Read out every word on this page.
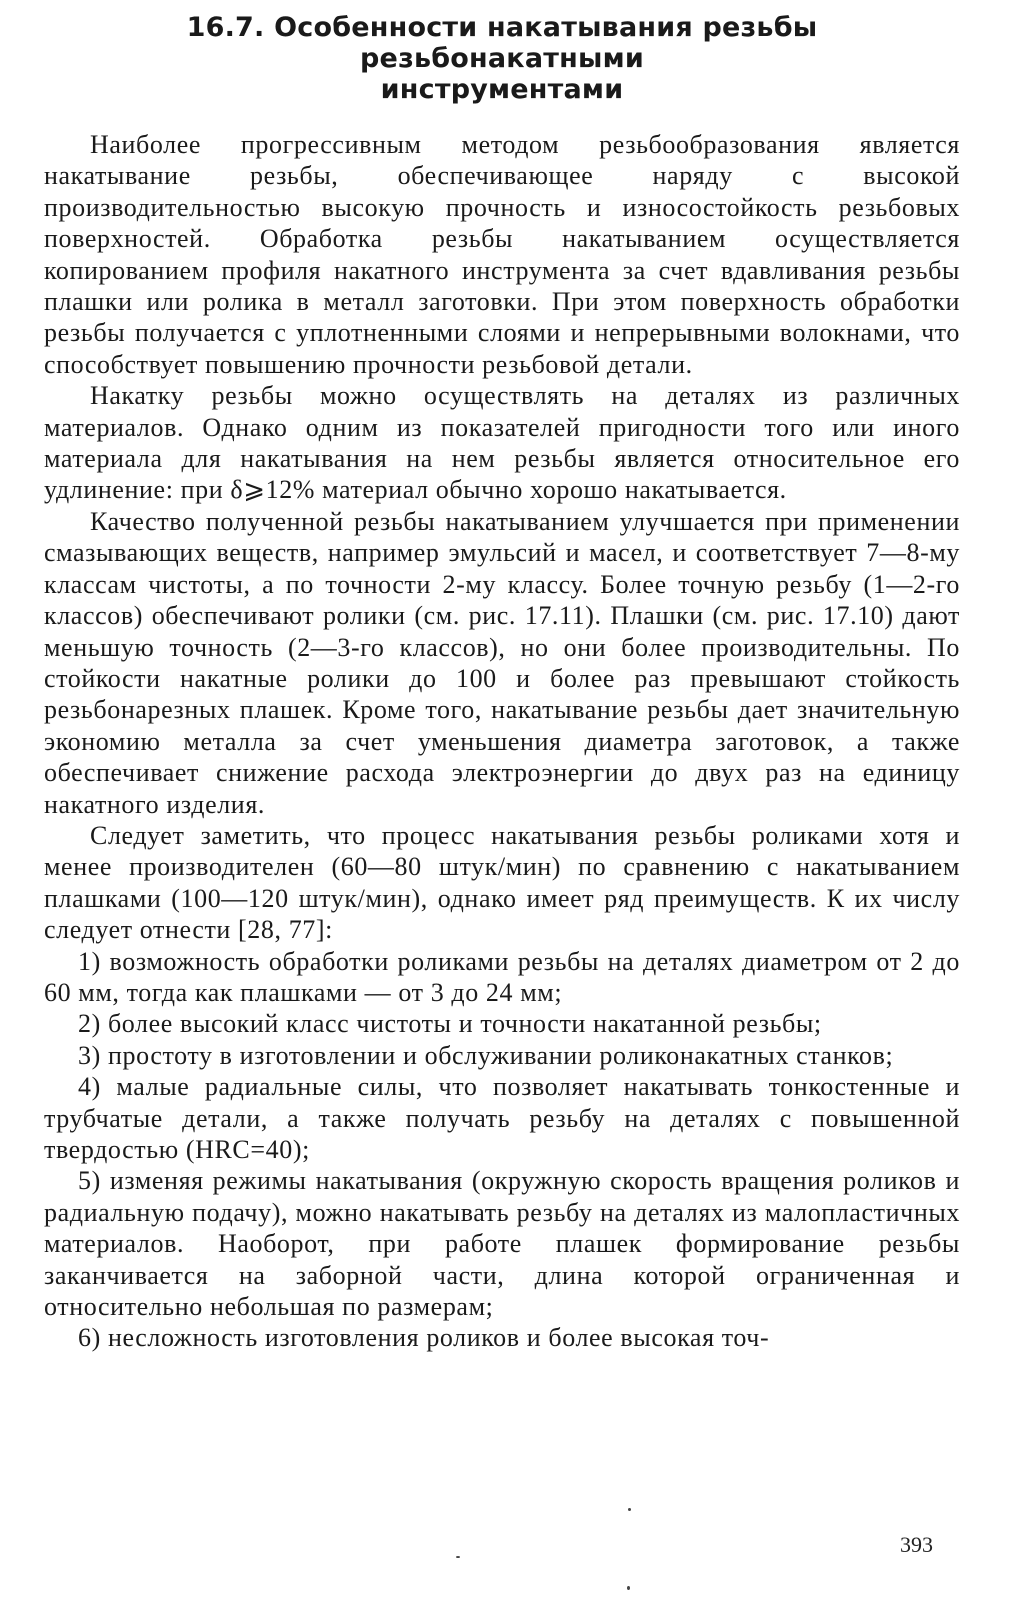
16.7. Особенности накатывания резьбы резьбонакатными
инструментами

Наиболее прогрессивным методом резьбообразования является накатывание резьбы, обеспечивающее наряду с высокой производительностью высокую прочность и износостойкость резьбовых поверхностей. Обработка резьбы накатыванием осуществляется копированием профиля накатного инструмента за счет вдавливания резьбы плашки или ролика в металл заготовки. При этом поверхность обработки резьбы получается с уплотненными слоями и непрерывными волокнами, что способствует повышению прочности резьбовой детали.

Накатку резьбы можно осуществлять на деталях из различных материалов. Однако одним из показателей пригодности того или иного материала для накатывания на нем резьбы является относительное его удлинение: при δ⩾12% материал обычно хорошо накатывается.

Качество полученной резьбы накатыванием улучшается при применении смазывающих веществ, например эмульсий и масел, и соответствует 7—8-му классам чистоты, а по точности 2-му классу. Более точную резьбу (1—2-го классов) обеспечивают ролики (см. рис. 17.11). Плашки (см. рис. 17.10) дают меньшую точность (2—3-го классов), но они более производительны. По стойкости накатные ролики до 100 и более раз превышают стойкость резьбонарезных плашек. Кроме того, накатывание резьбы дает значительную экономию металла за счет уменьшения диаметра заготовок, а также обеспечивает снижение расхода электроэнергии до двух раз на единицу накатного изделия.

Следует заметить, что процесс накатывания резьбы роликами хотя и менее производителен (60—80 штук/мин) по сравнению с накатыванием плашками (100—120 штук/мин), однако имеет ряд преимуществ. К их числу следует отнести [28, 77]:

1) возможность обработки роликами резьбы на деталях диаметром от 2 до 60 мм, тогда как плашками — от 3 до 24 мм;
2) более высокий класс чистоты и точности накатанной резьбы;
3) простоту в изготовлении и обслуживании роликонакатных станков;
4) малые радиальные силы, что позволяет накатывать тонкостенные и трубчатые детали, а также получать резьбу на деталях с повышенной твердостью (HRC=40);
5) изменяя режимы накатывания (окружную скорость вращения роликов и радиальную подачу), можно накатывать резьбу на деталях из малопластичных материалов. Наоборот, при работе плашек формирование резьбы заканчивается на заборной части, длина которой ограниченная и относительно небольшая по размерам;
6) несложность изготовления роликов и более высокая точ-
393
